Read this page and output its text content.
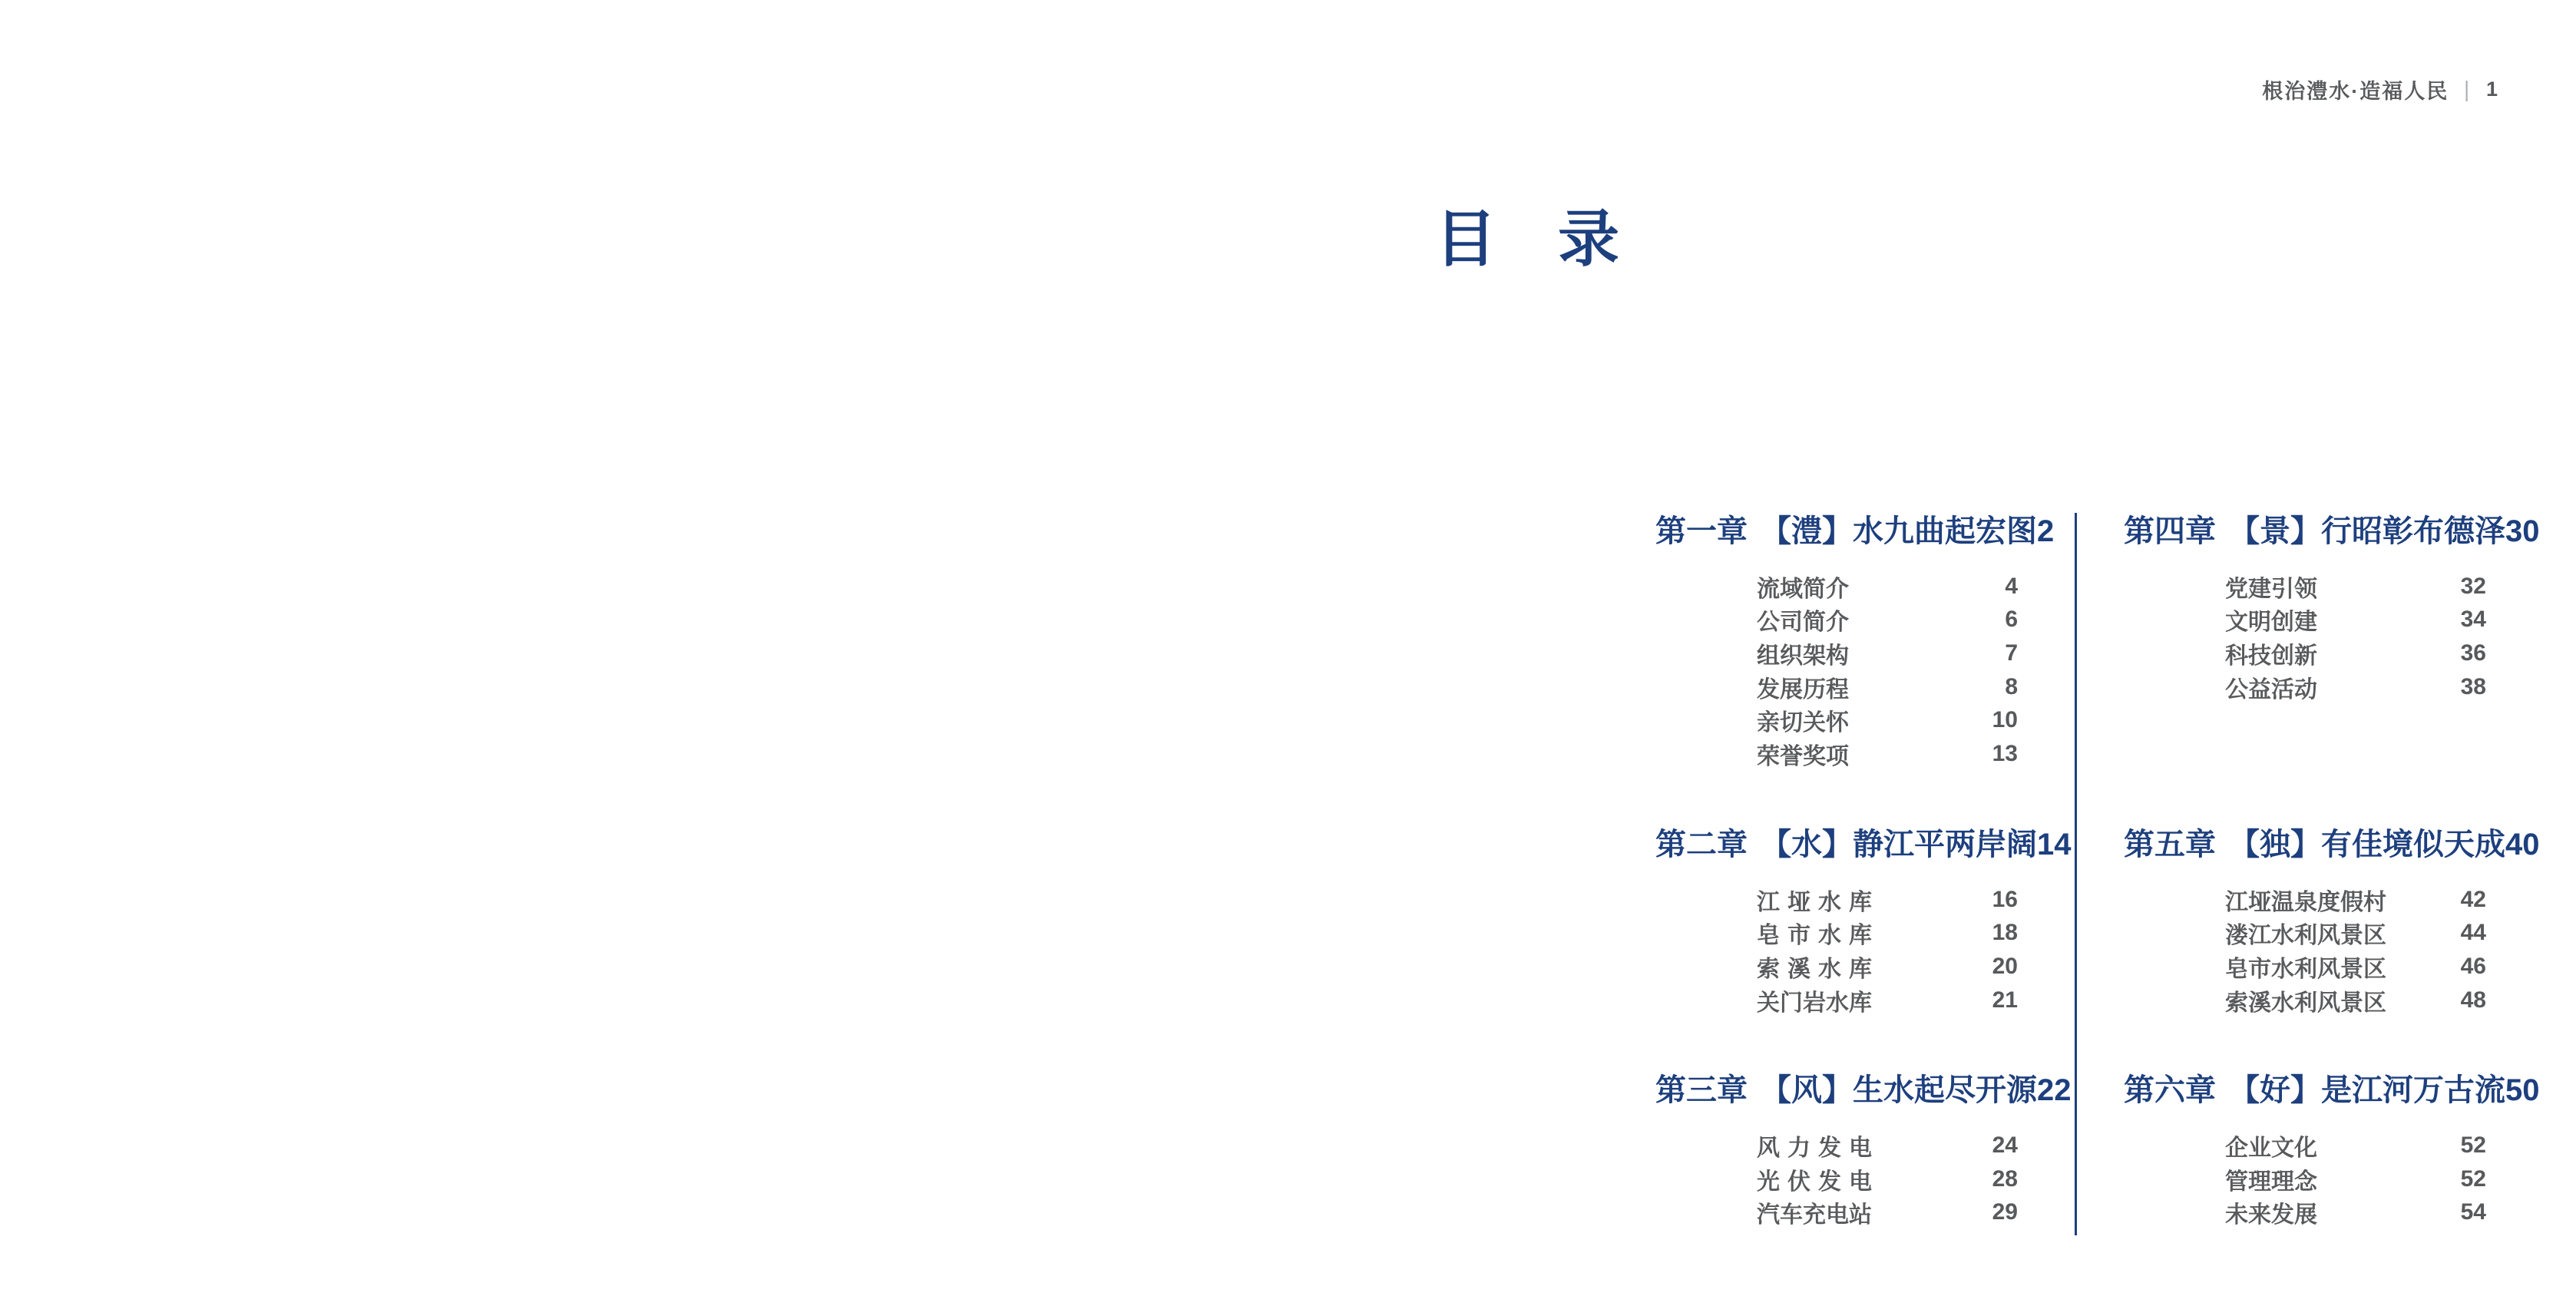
根治澧水·造福人民 | 1
目　录
第一章 【澧】水九曲起宏图 2
流域简介	4
公司简介	6
组织架构	7
发展历程	8
亲切关怀	10
荣誉奖项	13
第二章 【水】静江平两岸阔 14
江垭水库	16
皂市水库	18
索溪水库	20
关门岩水库	21
第三章 【风】生水起尽开源 22
风力发电	24
光伏发电	28
汽车充电站	29
第四章 【景】行昭彰布德泽 30
党建引领	32
文明创建	34
科技创新	36
公益活动	38
第五章 【独】有佳境似天成 40
江垭温泉度假村	42
溇江水利风景区	44
皂市水利风景区	46
索溪水利风景区	48
第六章 【好】是江河万古流 50
企业文化	52
管理理念	52
未来发展	54
